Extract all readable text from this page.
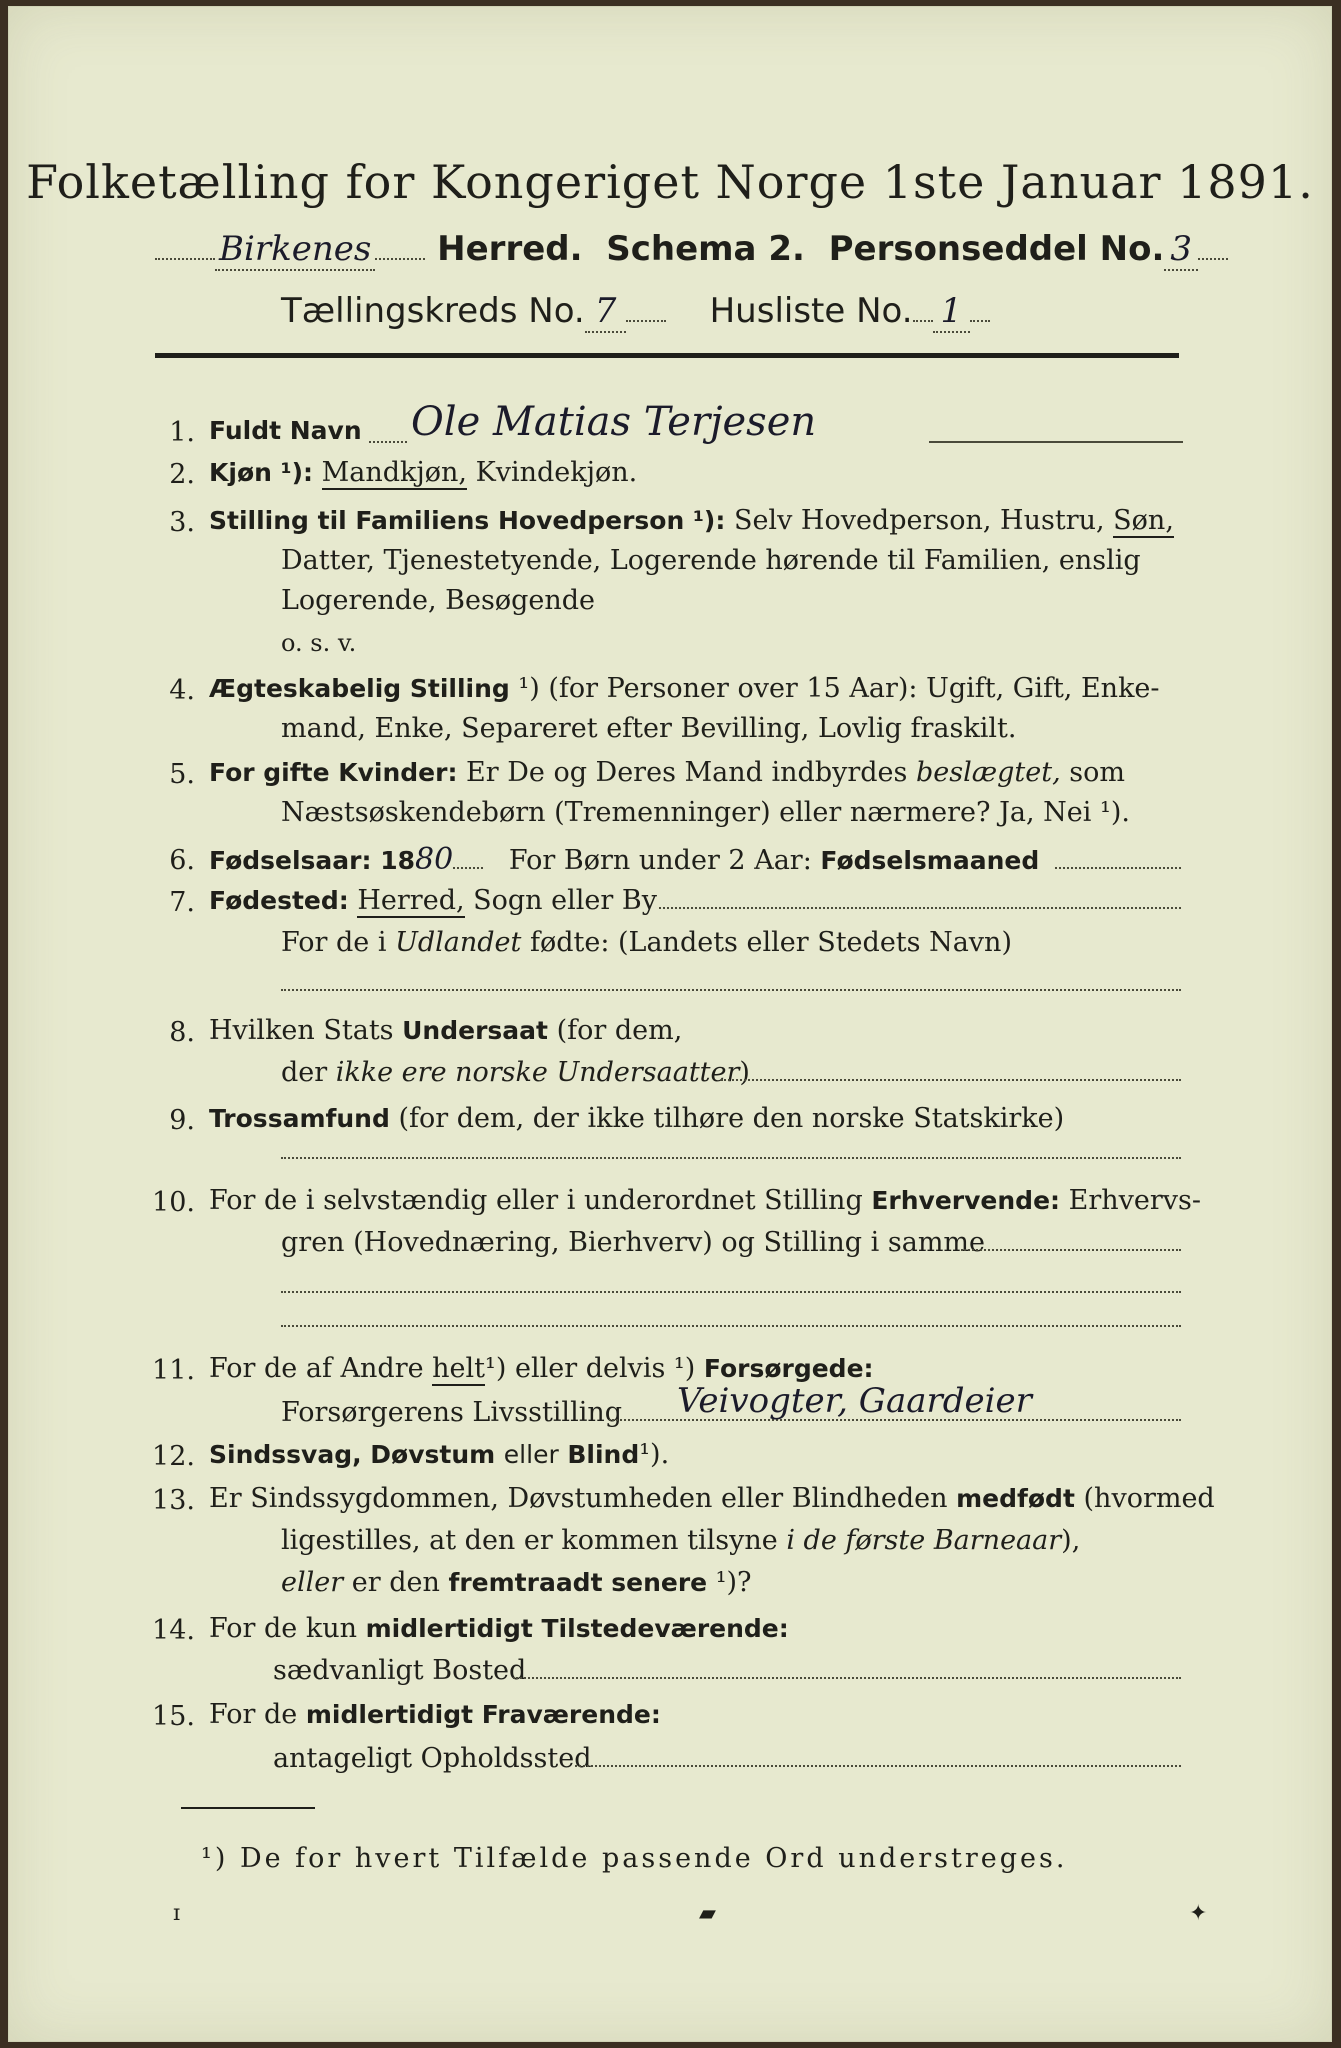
Folketælling for Kongeriget Norge 1ste Januar 1891.
Birkenes Herred. Schema 2. Personseddel No. 3
Tællingskreds No. 7	Husliste No. 1
1. Fuldt Navn Ole Matias Terjesen
2. Kjøn ¹): Mandkjøn, Kvindekjøn.
3. Stilling til Familiens Hovedperson ¹): Selv Hovedperson, Hustru, Søn,
Datter, Tjenestetyende, Logerende hørende til Familien, enslig
Logerende, Besøgende
o. s. v.
4. Ægteskabelig Stilling ¹) (for Personer over 15 Aar): Ugift, Gift, Enke-
mand, Enke, Separeret efter Bevilling, Lovlig fraskilt.
5. For gifte Kvinder: Er De og Deres Mand indbyrdes beslægtet, som
Næstsøskendebørn (Tremenninger) eller nærmere? Ja, Nei ¹).
6. Fødselsaar: 1880 For Børn under 2 Aar: Fødselsmaaned
7. Fødested: Herred, Sogn eller By
For de i Udlandet fødte: (Landets eller Stedets Navn)
8. Hvilken Stats Undersaat (for dem,
der ikke ere norske Undersaatter)
9. Trossamfund (for dem, der ikke tilhøre den norske Statskirke)
10. For de i selvstændig eller i underordnet Stilling Erhvervende: Erhvervs-
gren (Hovednæring, Bierhverv) og Stilling i samme
11. For de af Andre helt¹) eller delvis ¹) Forsørgede:
Forsørgerens Livsstilling Veivogter, Gaardeier
12. Sindssvag, Døvstum eller Blind¹).
13. Er Sindssygdommen, Døvstumheden eller Blindheden medfødt (hvormed
ligestilles, at den er kommen tilsyne i de første Barneaar),
eller er den fremtraadt senere ¹)?
14. For de kun midlertidigt Tilstedeværende:
sædvanligt Bosted
15. For de midlertidigt Fraværende:
antageligt Opholdssted
¹) De for hvert Tilfælde passende Ord understreges.
ɪ	▰	✦
